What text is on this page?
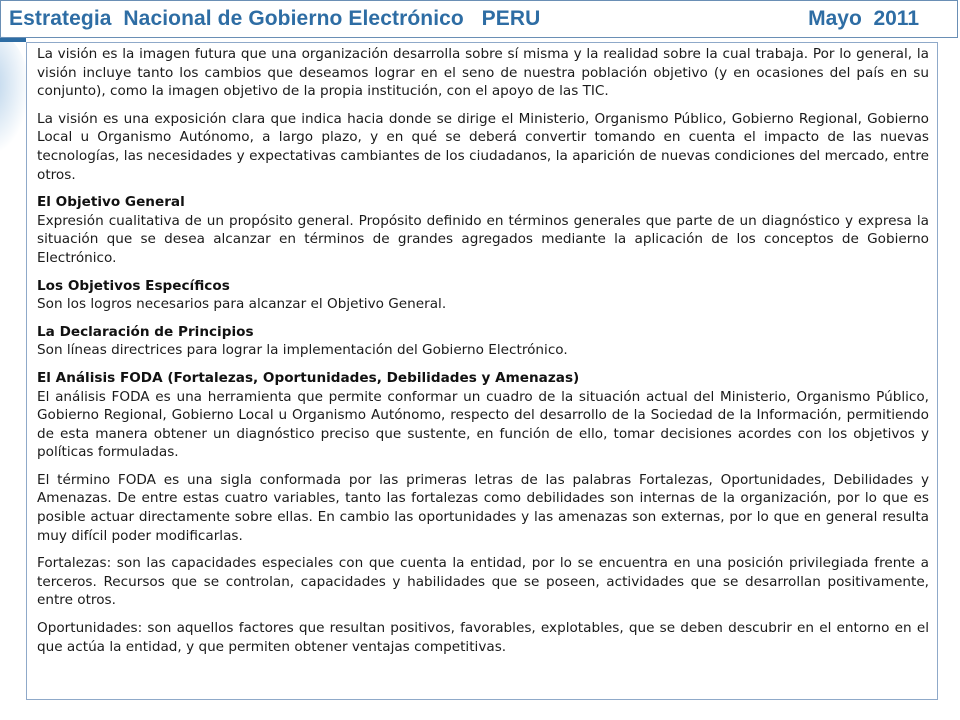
Estrategia  Nacional de Gobierno Electrónico   PERU	Mayo  2011

La visión es la imagen futura que una organización desarrolla sobre sí misma y la realidad sobre la cual trabaja. Por lo general, la visión incluye tanto los cambios que deseamos lograr en el seno de nuestra población objetivo (y en ocasiones del país en su conjunto), como la imagen objetivo de la propia institución, con el apoyo de las TIC.

La visión es una exposición clara que indica hacia donde se dirige el Ministerio, Organismo Público, Gobierno Regional, Gobierno Local u Organismo Autónomo, a largo plazo, y en qué se deberá convertir tomando en cuenta el impacto de las nuevas tecnologías, las necesidades y expectativas cambiantes de los ciudadanos, la aparición de nuevas condiciones del mercado, entre otros.

El Objetivo General

Expresión cualitativa de un propósito general. Propósito definido en términos generales que parte de un diagnóstico y expresa la situación que se desea alcanzar en términos de grandes agregados mediante la aplicación de los conceptos de Gobierno Electrónico.

Los Objetivos Específicos

Son los logros necesarios para alcanzar el Objetivo General.

La Declaración de Principios

Son líneas directrices para lograr la implementación del Gobierno Electrónico.

El Análisis FODA (Fortalezas, Oportunidades, Debilidades y Amenazas)

El análisis FODA es una herramienta que permite conformar un cuadro de la situación actual del Ministerio, Organismo Público, Gobierno Regional, Gobierno Local u Organismo Autónomo, respecto del desarrollo de la Sociedad de la Información, permitiendo de esta manera obtener un diagnóstico preciso que sustente, en función de ello, tomar decisiones acordes con los objetivos y políticas formuladas.

El término FODA es una sigla conformada por las primeras letras de las palabras Fortalezas, Oportunidades, Debilidades y Amenazas. De entre estas cuatro variables, tanto las fortalezas como debilidades son internas de la organización, por lo que es posible actuar directamente sobre ellas. En cambio las oportunidades y las amenazas son externas, por lo que en general resulta muy difícil poder modificarlas.

Fortalezas: son las capacidades especiales con que cuenta la entidad, por lo se encuentra en una posición privilegiada frente a terceros. Recursos que se controlan, capacidades y habilidades que se poseen, actividades que se desarrollan positivamente, entre otros.

Oportunidades: son aquellos factores que resultan positivos, favorables, explotables, que se deben descubrir en el entorno en el que actúa la entidad, y que permiten obtener ventajas competitivas.
